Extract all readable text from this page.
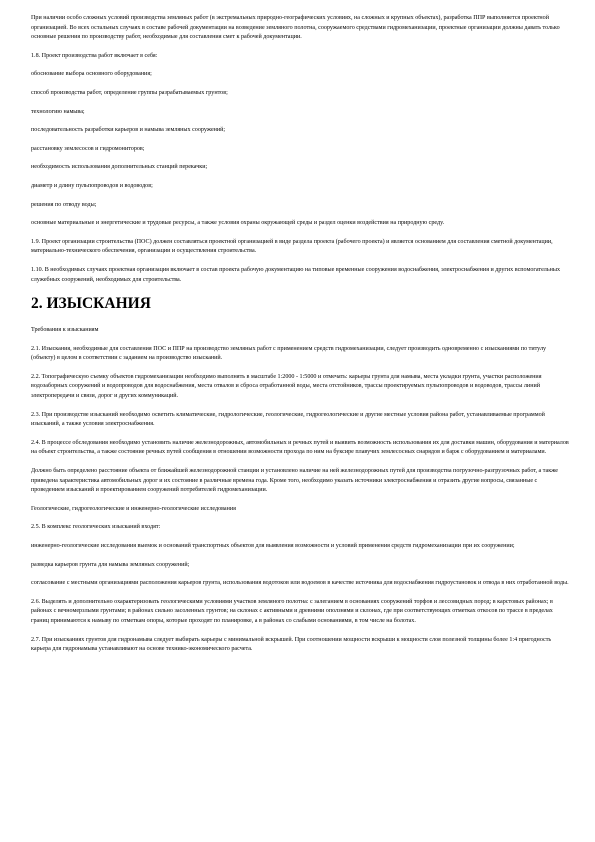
При наличии особо сложных условий производства земляных работ (в экстремальных природно-географических условиях, на сложных и крупных объектах), разработка ППР выполняется проектной организацией. Во всех остальных случаях в составе рабочей документации на возведение земляного полотна, сооружаемого средствами гидромеханизации, проектные организации должны давать только основные решения по производству работ, необходимые для составления смет к рабочей документации.

1.8. Проект производства работ включает в себя:

обоснование выбора основного оборудования;

способ производства работ, определение группы разрабатываемых грунтов;

технологию намыва;

последовательность разработки карьеров и намыва земляных сооружений;

расстановку землесосов и гидромониторов;

необходимость использования дополнительных станций перекачки;

диаметр и длину пульпопроводов и водоводов;

решения по отводу воды;

основные материальные и энергетические и трудовые ресурсы, а также условия охраны окружающей среды и раздел оценки воздействия на природную среду.

1.9. Проект организации строительства (ПОС) должен составляться проектной организацией в виде раздела проекта (рабочего проекта) и является основанием для составления сметной документации, материально-технического обеспечения, организации и осуществления строительства.

1.10. В необходимых случаях проектная организация включает в состав проекта рабочую документацию на типовые временные сооружения водоснабжения, электроснабжения и других вспомогательных служебных сооружений, необходимых для строительства.

2. ИЗЫСКАНИЯ

Требования к изысканиям

2.1. Изыскания, необходимые для составления ПОС и ППР на производство земляных работ с применением средств гидромеханизации, следует производить одновременно с изысканиями по титулу (объекту) в целом в соответствии с заданием на производство изысканий.

2.2. Топографическую съемку объектов гидромеханизации необходимо выполнять в масштабе 1:2000 - 1:5000 и отмечать: карьеры грунта для намыва, места укладки грунта, участки расположения водозаборных сооружений и водопроводов для водоснабжения, места отвалов и сброса отработанной воды, места отстойников, трассы проектируемых пульпопроводов и водоводов, трассы линий электропередачи и связи, дорог и других коммуникаций.

2.3. При производстве изысканий необходимо осветить климатические, гидрологические, геологические, гидрогеологические и другие местные условия района работ, устанавливаемые программой изысканий, а также условия электроснабжения.

2.4. В процессе обследования необходимо установить наличие железнодорожных, автомобильных и речных путей и выявить возможность использования их для доставки машин, оборудования и материалов на объект строительства, а также состояние речных путей сообщения в отношении возможности прохода по ним на буксире плавучих землесосных снарядов и барж с оборудованием и материалами.

Должно быть определено расстояние объекта от ближайшей железнодорожной станции и установлено наличие на ней железнодорожных путей для производства погрузочно-разгрузочных работ, а также приведена характеристика автомобильных дорог и их состояние в различные времена года. Кроме того, необходимо указать источники электроснабжения и отразить другие вопросы, связанные с проведением изысканий и проектированием сооружений потребителей гидромеханизации.

Геологические, гидрогеологические и инженерно-геологические исследования

2.5. В комплекс геологических изысканий входят:

инженерно-геологические исследования выемок и оснований транспортных объектов для выявления возможности и условий применения средств гидромеханизации при их сооружении;

разведка карьеров грунта для намыва земляных сооружений;

согласование с местными организациями расположения карьеров грунта, использования водотоков или водоемов в качестве источника для водоснабжения гидроустановок и отвода в них отработанной воды.

2.6. Выделять и дополнительно охарактеризовать геологическими условиями участков земляного полотна: с залеганием в основаниях сооружений торфов и лессовидных пород; в карстовых районах; в районах с вечномерзлыми грунтами; в районах сильно засоленных грунтов; на склонах с активными и древними оползнями и склонах, где при соответствующих отметках откосов по трассе в пределах границ принимаются к намыву по отметкам опоры, которые проходят по планировке, а в районах со слабыми основаниями, в том числе на болотах.

2.7. При изысканиях грунтов для гидронамыва следует выбирать карьеры с минимальной вскрышей. При соотношении мощности вскрыши к мощности слоя полезной толщины более 1:4 пригодность карьера для гидронамыва устанавливают на основе технико-экономического расчета.
